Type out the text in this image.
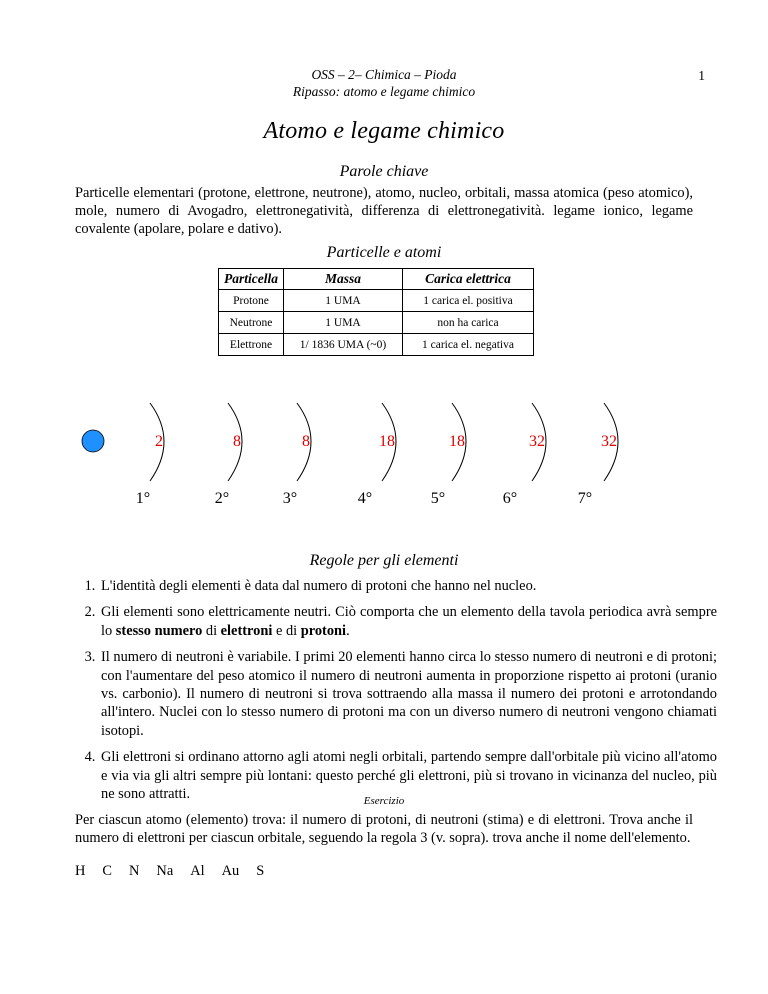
OSS – 2– Chimica – Pioda
Ripasso: atomo e legame chimico
1
Atomo e legame chimico
Parole chiave
Particelle elementari (protone, elettrone, neutrone), atomo, nucleo, orbitali, massa atomica (peso atomico), mole, numero di Avogadro, elettronegatività, differenza di elettronegatività. legame ionico, legame covalente (apolare, polare e dativo).
Particelle e atomi
Particella	Massa	Carica elettrica
Protone	1 UMA	1 carica el. positiva
Neutrone	1 UMA	non ha carica
Elettrone	1/ 1836 UMA (~0)	1 carica el. negativa
2
1°
8
2°
8
3°
18
4°
18
5°
32
6°
32
7°
Regole per gli elementi
1. L'identità degli elementi è data dal numero di protoni che hanno nel nucleo.
2. Gli elementi sono elettricamente neutri. Ciò comporta che un elemento della tavola periodica avrà sempre lo stesso numero di elettroni e di protoni.
3. Il numero di neutroni è variabile. I primi 20 elementi hanno circa lo stesso numero di neutroni e di protoni; con l'aumentare del peso atomico il numero di neutroni aumenta in proporzione rispetto ai protoni (uranio vs. carbonio). Il numero di neutroni si trova sottraendo alla massa il numero dei protoni e arrotondando all'intero. Nuclei con lo stesso numero di protoni ma con un diverso numero di neutroni vengono chiamati isotopi.
4. Gli elettroni si ordinano attorno agli atomi negli orbitali, partendo sempre dall'orbitale più vicino all'atomo e via via gli altri sempre più lontani: questo perché gli elettroni, più si trovano in vicinanza del nucleo, più ne sono attratti.	Esercizio
Per ciascun atomo (elemento) trova: il numero di protoni, di neutroni (stima) e di elettroni. Trova anche il numero di elettroni per ciascun orbitale, seguendo la regola 3 (v. sopra). trova anche il nome dell'elemento.
H C N Na Al Au S
